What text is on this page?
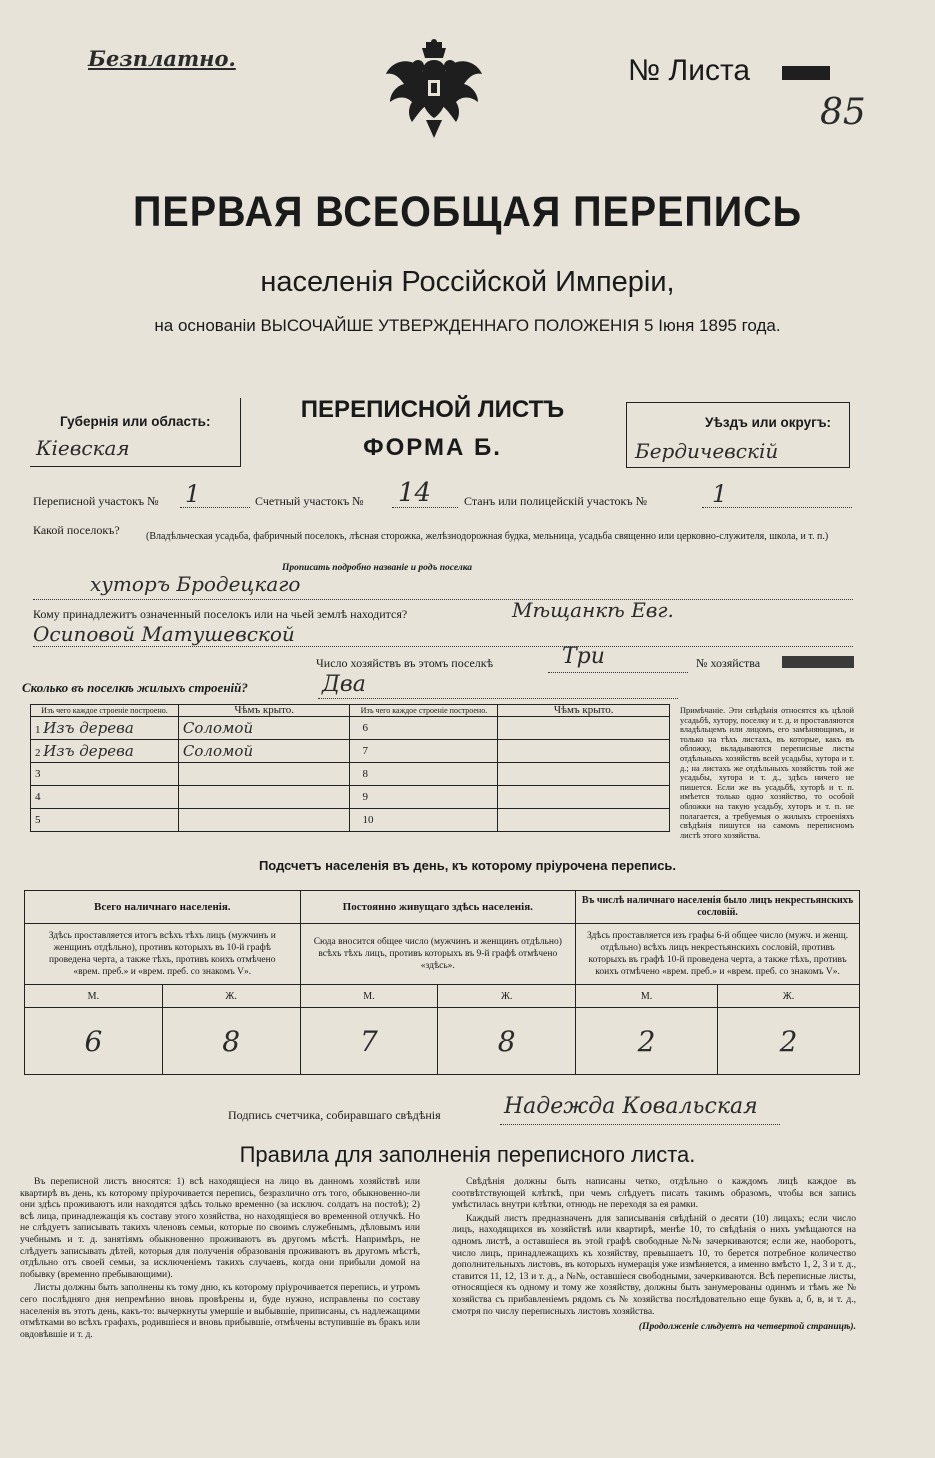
Безплатно.	№ Листа
85
ПЕРВАЯ ВСЕОБЩАЯ ПЕРЕПИСЬ
населенія Россійской Имперіи,
на основаніи ВЫСОЧАЙШЕ УТВЕРЖДЕННАГО ПОЛОЖЕНІЯ 5 Іюня 1895 года.
Губернія или область:
Кіевская
ПЕРЕПИСНОЙ ЛИСТЪ
ФОРМА Б.
Уѣздъ или округъ:
Бердичевскій
Переписной участокъ № 1	Счетный участокъ № 14	Станъ или полицейскій участокъ №	1
Какой поселокъ?	(Владѣльческая усадьба, фабричный поселокъ, лѣсная сторожка, желѣзнодорожная будка, мельница, усадьба священно или церковно-служителя, школа, и т. п.)
Прописать подробно названіе и родъ поселка
хуторъ Бродецкаго
Кому принадлежитъ означенный поселокъ или на чьей землѣ находится?	Мѣщанкѣ Евг.
Осиповой Матушевской
Число хозяйствъ въ этомъ поселкѣ	Три	№ хозяйства
Сколько въ поселкѣ жилыхъ строеній?	Два
Изъ чего каждое строеніе построено.	Чѣмъ крыто.	Изъ чего каждое строеніе построено.	Чѣмъ крыто.
1 Изъ дерева	Соломой	6	
2 Изъ дерева	Соломой	7	
3		8	
4		9	
5		10	
Примѣчаніе. Эти свѣдѣнія относятся къ цѣлой усадьбѣ, хутору, поселку и т. д. и проставляются владѣльцемъ или лицомъ, его замѣняющимъ, и только на тѣхъ листахъ, въ которые, какъ въ обложку, вкладываются переписные листы отдѣльныхъ хозяйствъ всей усадьбы, хутора и т. д.; на листахъ же отдѣльныхъ хозяйствъ той же усадьбы, хутора и т. д., здѣсь ничего не пишется. Если же въ усадьбѣ, хуторѣ и т. п. имѣется только одно хозяйство, то особой обложки на такую усадьбу, хуторъ и т. п. не полагается, а требуемыя о жилыхъ строеніяхъ свѣдѣнія пишутся на самомъ переписномъ листѣ этого хозяйства.
Подсчетъ населенія въ день, къ которому пріурочена перепись.
Всего наличнаго населенія.		Постоянно живущаго здѣсь населенія.		Въ числѣ наличнаго населенія было лицъ некрестьянскихъ сословій.	
Здѣсь проставляется итогъ всѣхъ тѣхъ лицъ (мужчинъ и женщинъ отдѣльно), противъ которыхъ въ 10-й графѣ проведена черта, а также тѣхъ, противъ коихъ отмѣчено «врем. преб.» и «врем. преб. со знакомъ V».		Сюда вносится общее число (мужчинъ и женщинъ отдѣльно) всѣхъ тѣхъ лицъ, противъ которыхъ въ 9-й графѣ отмѣчено «здѣсь».		Здѣсь проставляется изъ графы 6-й общее число (мужч. и женщ. отдѣльно) всѣхъ лицъ некрестьянскихъ сословій, противъ которыхъ въ графѣ 10-й проведена черта, а также тѣхъ, противъ коихъ отмѣчено «врем. преб.» и «врем. преб. со знакомъ V».	
М.	Ж.	М.	Ж.	М.	Ж.
6	8	7	8	2	2
Подпись счетчика, собиравшаго свѣдѣнія	Надежда Ковальская
Правила для заполненія переписного листа.

Въ переписной листъ вносятся: 1) всѣ находящіеся на лицо въ данномъ хозяйствѣ или квартирѣ въ день, къ которому пріурочивается перепись, безразлично отъ того, обыкновенно-ли они здѣсь проживаютъ или находятся здѣсь только временно (за исключ. солдатъ на постоѣ); 2) всѣ лица, принадлежащія къ составу этого хозяйства, но находящіеся во временной отлучкѣ. Но не слѣдуетъ записывать такихъ членовъ семьи, которые по своимъ служебнымъ, дѣловымъ или учебнымъ и т. д. занятіямъ обыкновенно проживаютъ въ другомъ мѣстѣ. Напримѣръ, не слѣдуетъ записывать дѣтей, которыя для полученія образованія проживаютъ въ другомъ мѣстѣ, отдѣльно отъ своей семьи, за исключеніемъ такихъ случаевъ, когда они прибыли домой на побывку (временно пребывающими).

Листы должны быть заполнены къ тому дню, къ которому пріурочивается перепись, и утромъ сего послѣдняго дня непремѣнно вновь провѣрены и, буде нужно, исправлены по составу населенія въ этотъ день, какъ-то: вычеркнуты умершіе и выбывшіе, приписаны, съ надлежащими отмѣтками во всѣхъ графахъ, родившіеся и вновь прибывшіе, отмѣчены вступившіе въ бракъ или овдовѣвшіе и т. д.

Свѣдѣнія должны быть написаны четко, отдѣльно о каждомъ лицѣ каждое въ соотвѣтствующей клѣткѣ, при чемъ слѣдуетъ писать такимъ образомъ, чтобы вся запись умѣстилась внутри клѣтки, отнюдь не переходя за ея рамки.

Каждый листъ предназначенъ для записыванія свѣдѣній о десяти (10) лицахъ; если число лицъ, находящихся въ хозяйствѣ или квартирѣ, менѣе 10, то свѣдѣнія о нихъ умѣщаются на одномъ листѣ, а оставшіеся въ этой графѣ свободные №№ зачеркиваются; если же, наоборотъ, число лицъ, принадлежащихъ къ хозяйству, превышаетъ 10, то берется потребное количество дополнительныхъ листовъ, въ которыхъ нумерація уже измѣняется, а именно вмѣсто 1, 2, 3 и т. д., ставится 11, 12, 13 и т. д., а №№, оставшіеся свободными, зачеркиваются. Всѣ переписные листы, относящіеся къ одному и тому же хозяйству, должны быть занумерованы одинмъ и тѣмъ же № хозяйства съ прибавленіемъ рядомъ съ № хозяйства послѣдовательно еще буквъ а, б, в, и т. д., смотря по числу переписныхъ листовъ хозяйства.

(Продолженіе слѣдуетъ на четвертой страницѣ).
